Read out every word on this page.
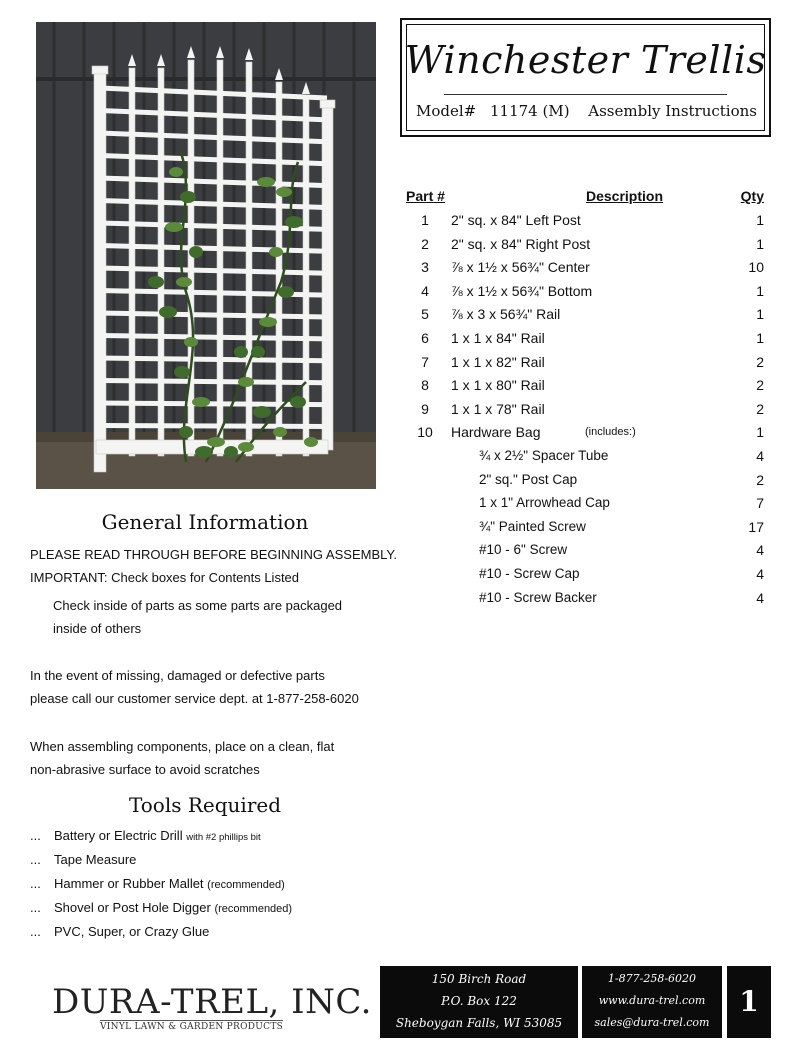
Winchester Trellis
Model# 11174 (M) Assembly Instructions
Part #	Description	Qty
1	2" sq. x 84" Left Post	1
2	2" sq. x 84" Right Post	1
3	⅞ x 1½ x 56¾" Center	10
4	⅞ x 1½ x 56¾" Bottom	1
5	⅞ x 3 x 56¾" Rail	1
6	1 x 1 x 84" Rail	1
7	1 x 1 x 82" Rail	2
8	1 x 1 x 80" Rail	2
9	1 x 1 x 78" Rail	2
10	Hardware Bag	(includes:)	1
¾ x 2½" Spacer Tube	4
2" sq." Post Cap	2
1 x 1" Arrowhead Cap	7
¾" Painted Screw	17
#10 - 6" Screw	4
#10 - Screw Cap	4
#10 - Screw Backer	4
General Information
PLEASE READ THROUGH BEFORE BEGINNING ASSEMBLY.
IMPORTANT: Check boxes for Contents Listed
Check inside of parts as some parts are packaged
inside of others
In the event of missing, damaged or defective parts
please call our customer service dept. at 1-877-258-6020
When assembling components, place on a clean, flat
non-abrasive surface to avoid scratches
Tools Required
... Battery or Electric Drill with #2 phillips bit
... Tape Measure
... Hammer or Rubber Mallet (recommended)
... Shovel or Post Hole Digger (recommended)
... PVC, Super, or Crazy Glue
DURA-TREL, INC.
VINYL LAWN & GARDEN PRODUCTS
150 Birch Road
P.O. Box 122
Sheboygan Falls, WI 53085
1-877-258-6020
www.dura-trel.com
sales@dura-trel.com
1
